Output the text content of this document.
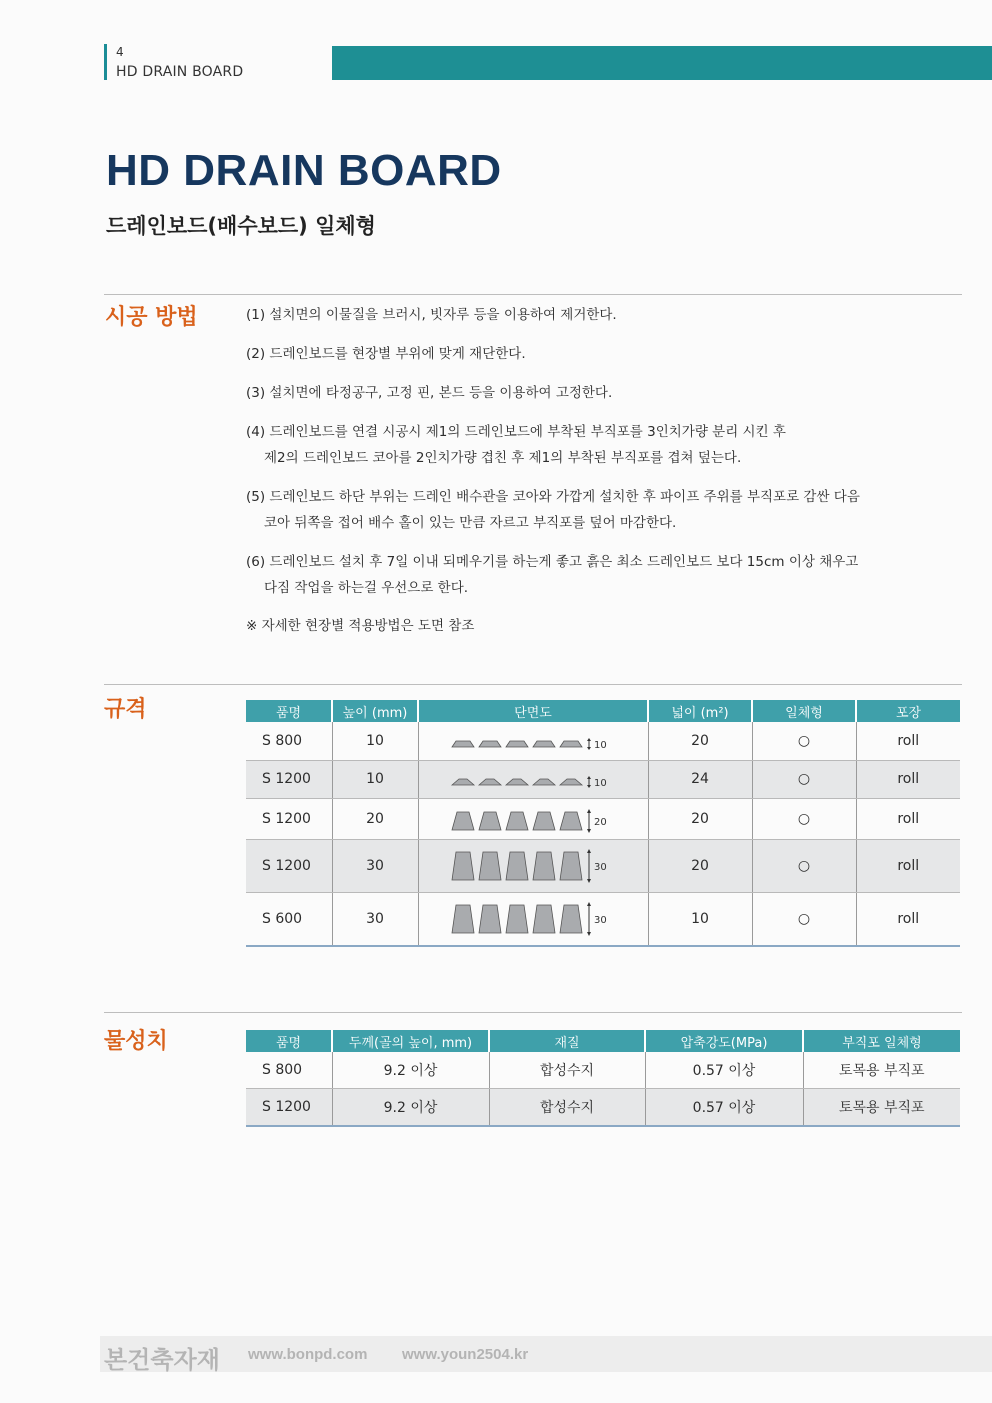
4
HD DRAIN BOARD
HD DRAIN BOARD
드레인보드(배수보드) 일체형
시공 방법	(1) 설치면의 이물질을 브러시, 빗자루 등을 이용하여 제거한다.
(2) 드레인보드를 현장별 부위에 맞게 재단한다.
(3) 설치면에 타정공구, 고정 핀, 본드 등을 이용하여 고정한다.
(4) 드레인보드를 연결 시공시 제1의 드레인보드에 부착된 부직포를 3인치가량 분리 시킨 후
제2의 드레인보드 코아를 2인치가량 겹친 후 제1의 부착된 부직포를 겹쳐 덮는다.
(5) 드레인보드 하단 부위는 드레인 배수관을 코아와 가깝게 설치한 후 파이프 주위를 부직포로 감싼 다음
코아 뒤쪽을 접어 배수 홀이 있는 만큼 자르고 부직포를 덮어 마감한다.
(6) 드레인보드 설치 후 7일 이내 되메우기를 하는게 좋고 흙은 최소 드레인보드 보다 15cm 이상 채우고
다짐 작업을 하는걸 우선으로 한다.
※ 자세한 현장별 적용방법은 도면 참조
규격	품명	높이 (mm)	단면도	넓이 (m²)	일체형	포장
S 800	10	10	20	○	roll
S 1200	10	10	24	○	roll
S 1200	20	20	20	○	roll
S 1200	30	30	20	○	roll
S 600	30	30	10	○	roll
물성치	품명	두께(골의 높이, mm)	재질	압축강도(MPa)	부직포 일체형
S 800	9.2 이상	합성수지	0.57 이상	토목용 부직포
S 1200	9.2 이상	합성수지	0.57 이상	토목용 부직포
본건축자재 www.bonpd.com www.youn2504.kr
